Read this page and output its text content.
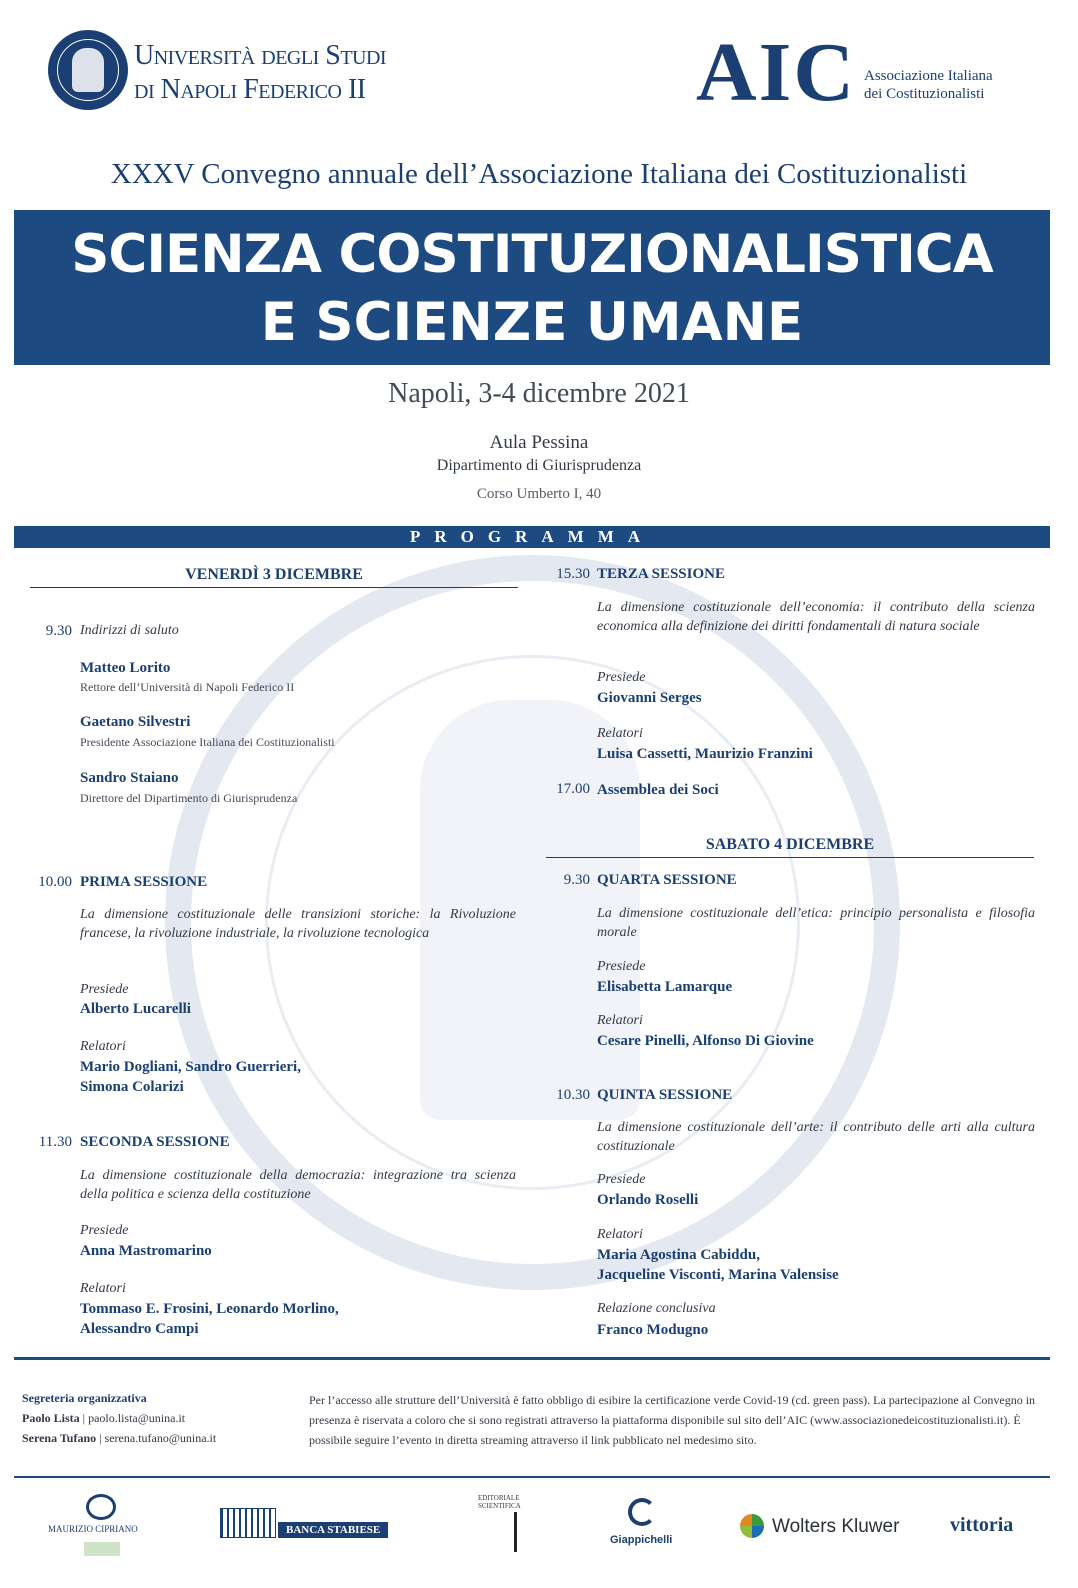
Università degli Studi
di Napoli Federico II	AIC Associazione Italiana
dei Costituzionalisti
XXXV Convegno annuale dell’Associazione Italiana dei Costituzionalisti
SCIENZA COSTITUZIONALISTICA
E SCIENZE UMANE
Napoli, 3-4 dicembre 2021
Aula Pessina
Dipartimento di Giurisprudenza
Corso Umberto I, 40
PROGRAMMA
VENERDÌ 3 DICEMBRE
9.30 Indirizzi di saluto
Matteo Lorito
Rettore dell’Università di Napoli Federico II
Gaetano Silvestri
Presidente Associazione Italiana dei Costituzionalisti
Sandro Staiano
Direttore del Dipartimento di Giurisprudenza
10.00 PRIMA SESSIONE
La dimensione costituzionale delle transizioni storiche: la Rivoluzione francese, la rivoluzione industriale, la rivoluzione tecnologica
Presiede
Alberto Lucarelli
Relatori
Mario Dogliani, Sandro Guerrieri,
Simona Colarizi
11.30 SECONDA SESSIONE
La dimensione costituzionale della democrazia: integrazione tra scienza della politica e scienza della costituzione
Presiede
Anna Mastromarino
Relatori
Tommaso E. Frosini, Leonardo Morlino,
Alessandro Campi
15.30 TERZA SESSIONE
La dimensione costituzionale dell’economia: il contributo della scienza economica alla definizione dei diritti fondamentali di natura sociale
Presiede
Giovanni Serges
Relatori
Luisa Cassetti, Maurizio Franzini
17.00 Assemblea dei Soci
SABATO 4 DICEMBRE
9.30 QUARTA SESSIONE
La dimensione costituzionale dell’etica: principio personalista e filosofia morale
Presiede
Elisabetta Lamarque
Relatori
Cesare Pinelli, Alfonso Di Giovine
10.30 QUINTA SESSIONE
La dimensione costituzionale dell’arte: il contributo delle arti alla cultura costituzionale
Presiede
Orlando Roselli
Relatori
Maria Agostina Cabiddu,
Jacqueline Visconti, Marina Valensise
Relazione conclusiva
Franco Modugno
Segreteria organizzativa
Paolo Lista | paolo.lista@unina.it
Serena Tufano | serena.tufano@unina.it
Per l’accesso alle strutture dell’Università è fatto obbligo di esibire la certificazione verde Covid-19 (cd. green pass). La partecipazione al Convegno in presenza è riservata a coloro che si sono registrati attraverso la piattaforma disponibile sul sito dell’AIC (www.associazionedeicostituzionalisti.it). È possibile seguire l’evento in diretta streaming attraverso il link pubblicato nel medesimo sito.
MAURIZIO CIPRIANO	BANCA STABIESE
EDITORIALE SCIENTIFICA
Giappichelli
Wolters Kluwer	vittoria
